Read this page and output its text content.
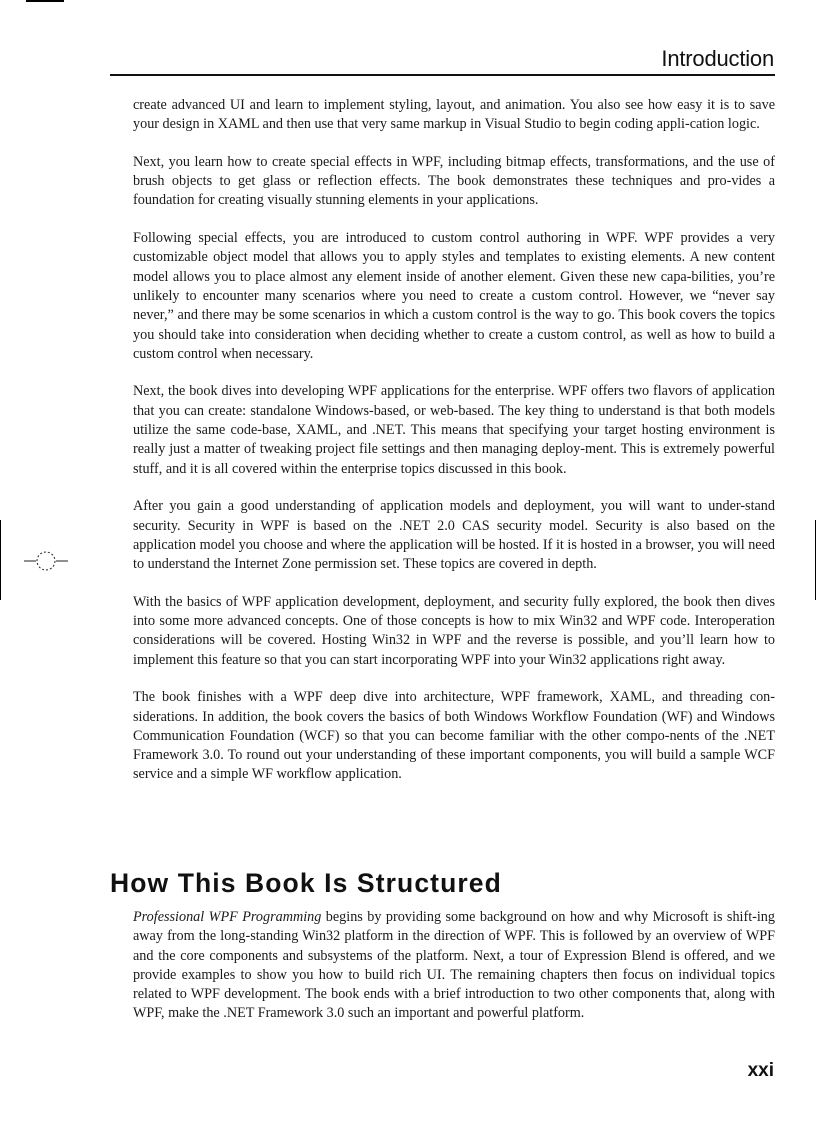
Introduction

create advanced UI and learn to implement styling, layout, and animation. You also see how easy it is to save your design in XAML and then use that very same markup in Visual Studio to begin coding appli-cation logic.

Next, you learn how to create special effects in WPF, including bitmap effects, transformations, and the use of brush objects to get glass or reflection effects. The book demonstrates these techniques and pro-vides a foundation for creating visually stunning elements in your applications.

Following special effects, you are introduced to custom control authoring in WPF. WPF provides a very customizable object model that allows you to apply styles and templates to existing elements. A new content model allows you to place almost any element inside of another element. Given these new capa-bilities, you’re unlikely to encounter many scenarios where you need to create a custom control. However, we “never say never,” and there may be some scenarios in which a custom control is the way to go. This book covers the topics you should take into consideration when deciding whether to create a custom control, as well as how to build a custom control when necessary.

Next, the book dives into developing WPF applications for the enterprise. WPF offers two flavors of application that you can create: standalone Windows-based, or web-based. The key thing to understand is that both models utilize the same code-base, XAML, and .NET. This means that specifying your target hosting environment is really just a matter of tweaking project file settings and then managing deploy-ment. This is extremely powerful stuff, and it is all covered within the enterprise topics discussed in this book.

After you gain a good understanding of application models and deployment, you will want to under-stand security. Security in WPF is based on the .NET 2.0 CAS security model. Security is also based on the application model you choose and where the application will be hosted. If it is hosted in a browser, you will need to understand the Internet Zone permission set. These topics are covered in depth.

With the basics of WPF application development, deployment, and security fully explored, the book then dives into some more advanced concepts. One of those concepts is how to mix Win32 and WPF code. Interoperation considerations will be covered. Hosting Win32 in WPF and the reverse is possible, and you’ll learn how to implement this feature so that you can start incorporating WPF into your Win32 applications right away.

The book finishes with a WPF deep dive into architecture, WPF framework, XAML, and threading con-siderations. In addition, the book covers the basics of both Windows Workflow Foundation (WF) and Windows Communication Foundation (WCF) so that you can become familiar with the other compo-nents of the .NET Framework 3.0. To round out your understanding of these important components, you will build a sample WCF service and a simple WF workflow application.

How This Book Is Structured

Professional WPF Programming begins by providing some background on how and why Microsoft is shift-ing away from the long-standing Win32 platform in the direction of WPF. This is followed by an overview of WPF and the core components and subsystems of the platform. Next, a tour of Expression Blend is offered, and we provide examples to show you how to build rich UI. The remaining chapters then focus on individual topics related to WPF development. The book ends with a brief introduction to two other components that, along with WPF, make the .NET Framework 3.0 such an important and powerful platform.

xxi
